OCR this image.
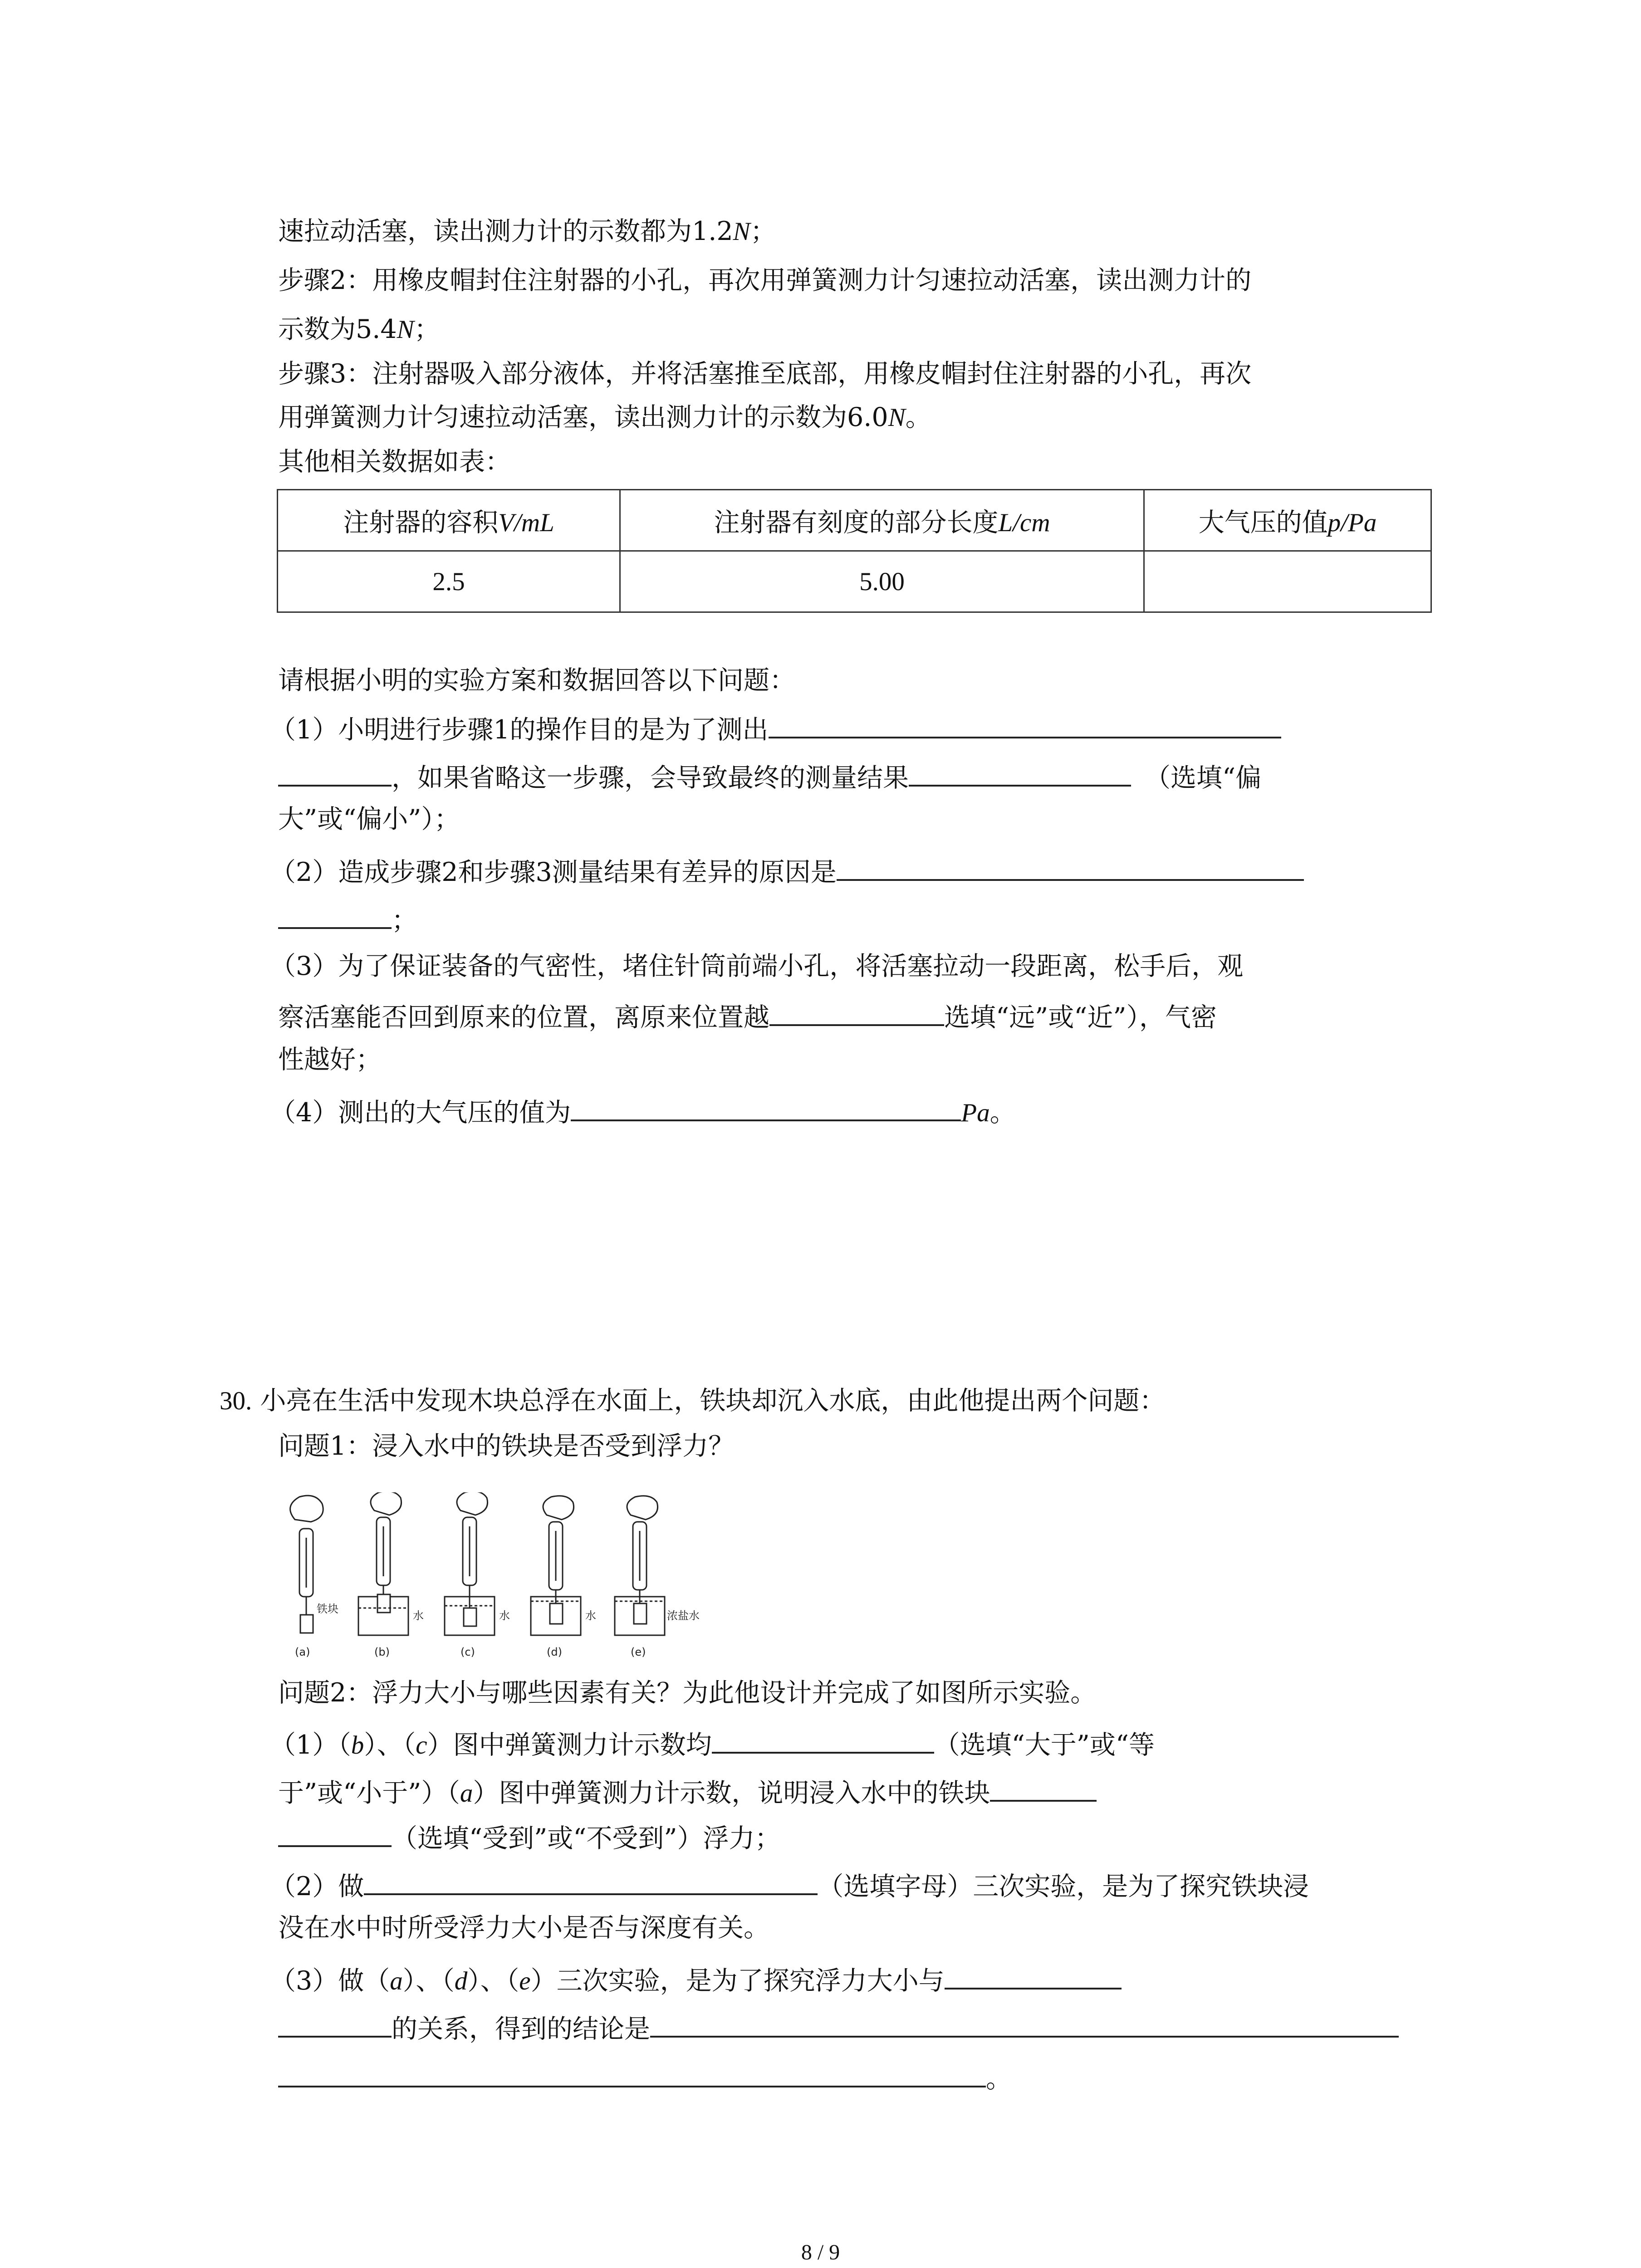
速拉动活塞，读出测力计的示数都为1.2N；
步骤2：用橡皮帽封住注射器的小孔，再次用弹簧测力计匀速拉动活塞，读出测力计的
示数为5.4N；
步骤3：注射器吸入部分液体，并将活塞推至底部，用橡皮帽封住注射器的小孔，再次
用弹簧测力计匀速拉动活塞，读出测力计的示数为6.0N。
其他相关数据如表：
注射器的容积V/mL	注射器有刻度的部分长度L/cm	大气压的值p/Pa
2.5	5.00	
请根据小明的实验方案和数据回答以下问题：
（1）小明进行步骤1的操作目的是为了测出
，如果省略这一步骤，会导致最终的测量结果	（选填“偏
大”或“偏小”）；
（2）造成步骤2和步骤3测量结果有差异的原因是
；
（3）为了保证装备的气密性，堵住针筒前端小孔，将活塞拉动一段距离，松手后，观
察活塞能否回到原来的位置，离原来位置越	选填“远”或“近”），气密
性越好；
（4）测出的大气压的值为	Pa。
30. 小亮在生活中发现木块总浮在水面上，铁块却沉入水底，由此他提出两个问题：
问题1：浸入水中的铁块是否受到浮力？
铁块
水	水	水	浓盐水
(a)	(b)	(c)	(d)	(e)
问题2：浮力大小与哪些因素有关？为此他设计并完成了如图所示实验。
（1）（b）、（c）图中弹簧测力计示数均	（选填“大于”或“等
于”或“小于”）（a）图中弹簧测力计示数，说明浸入水中的铁块
（选填“受到”或“不受到”）浮力；
（2）做	（选填字母）三次实验，是为了探究铁块浸
没在水中时所受浮力大小是否与深度有关。
（3）做（a）、（d）、（e）三次实验，是为了探究浮力大小与
的关系，得到的结论是
。
8 / 9
